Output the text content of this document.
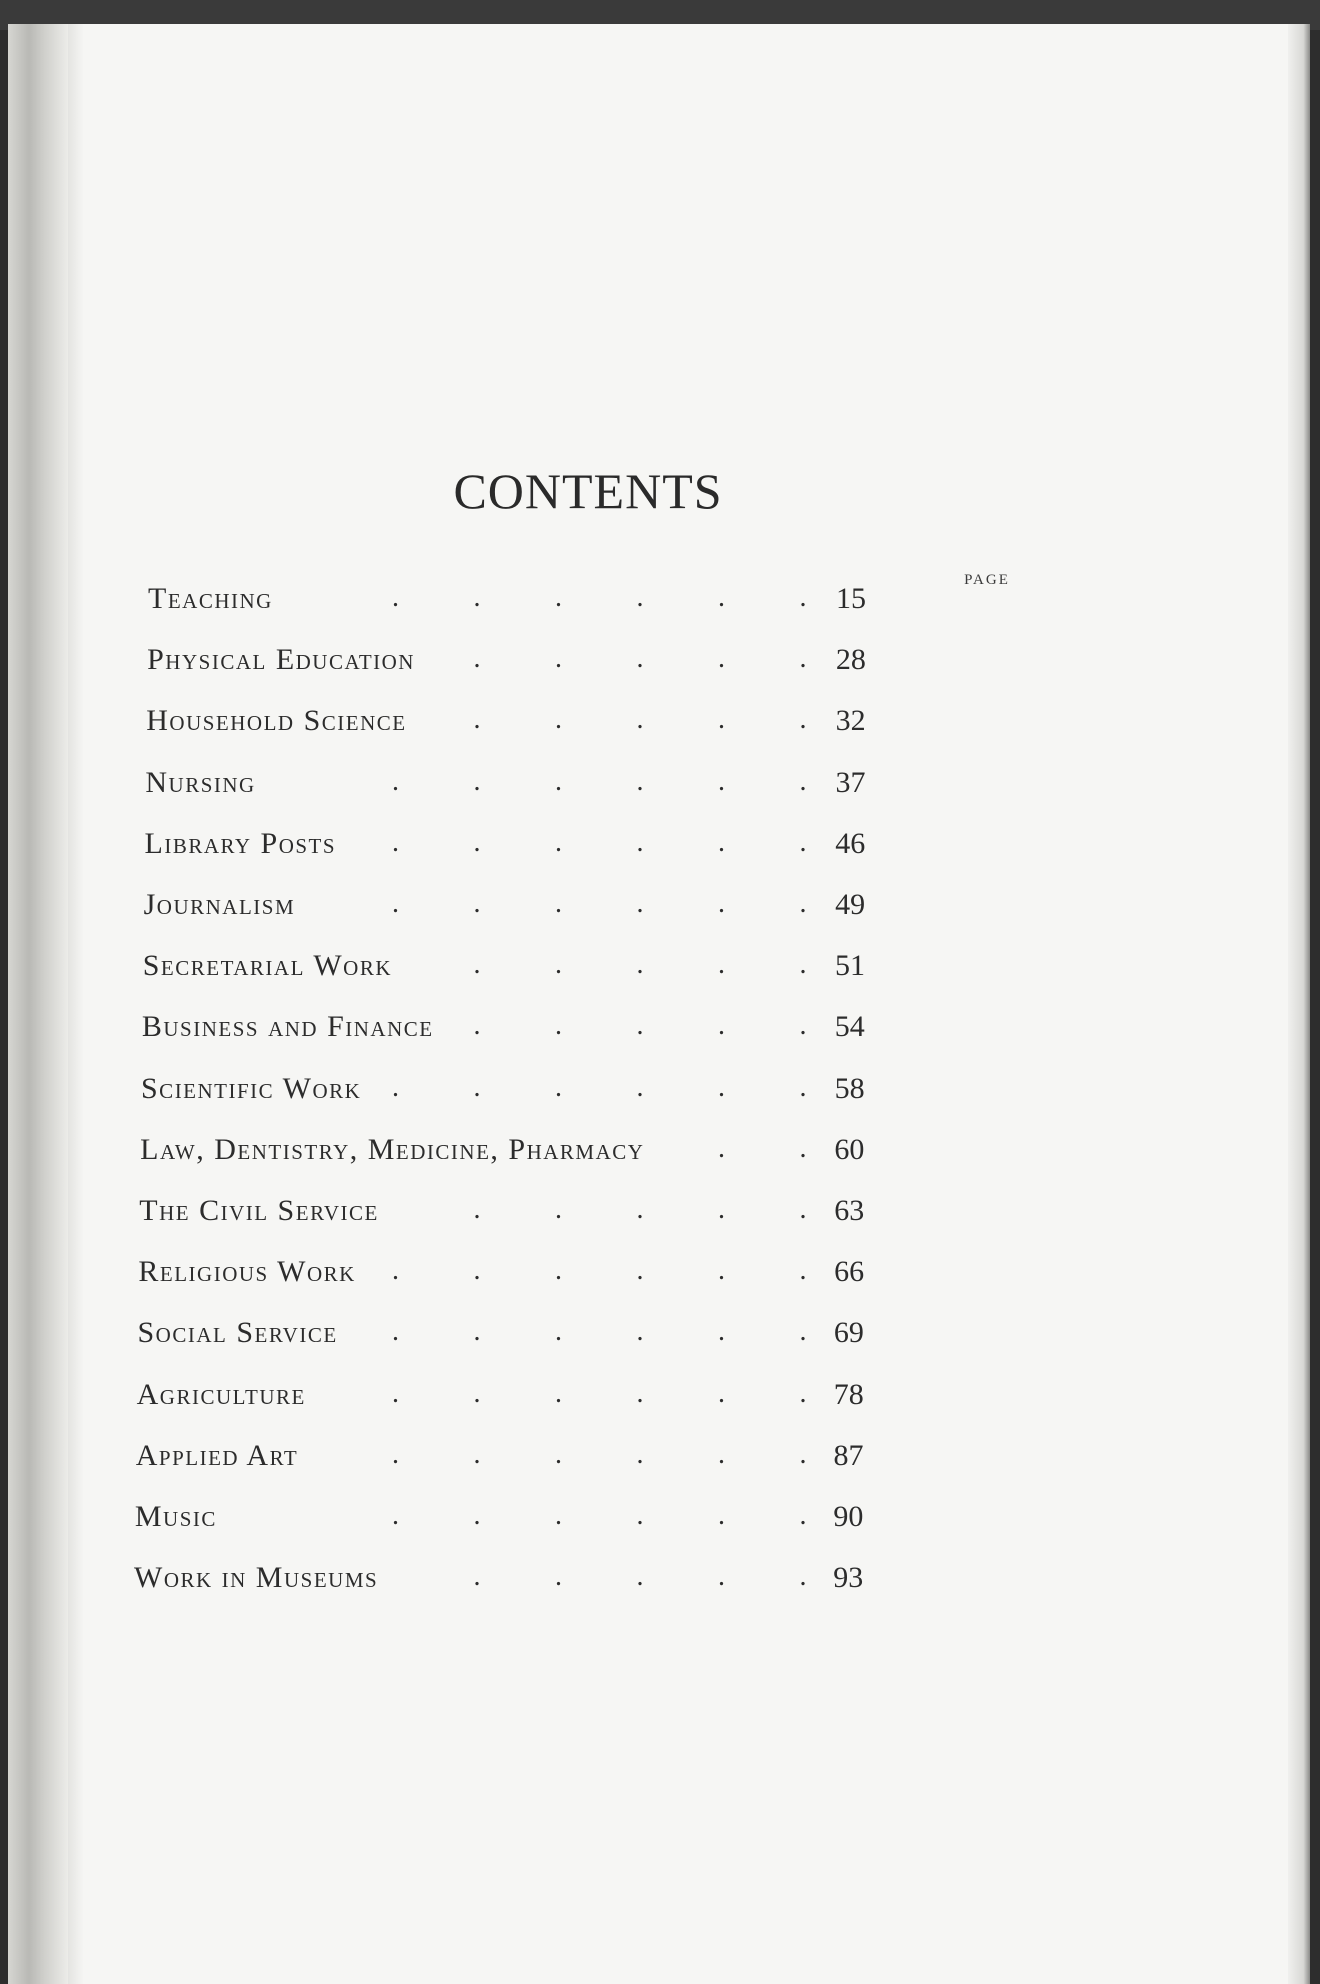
CONTENTS
PAGE
Teaching	.	.	.	.	.	. 15
Physical Education .	.	.	.	. 28
Household Science .	.	.	.	. 32
Nursing	.	.	.	.	.	. 37
Library Posts .	.	.	.	.	. 46
Journalism	.	.	.	.	.	. 49
Secretarial Work	.	.	.	.	. 51
Business and Finance .	.	.	.	. 54
Scientific Work .	.	.	.	.	. 58
Law, Dentistry, Medicine, Pharmacy	.	. 60
The Civil Service	.	.	.	.	. 63
Religious Work .	.	.	.	.	. 66
Social Service .	.	.	.	.	. 69
Agriculture	.	.	.	.	.	. 78
Applied Art	.	.	.	.	.	. 87
Music	.	.	.	.	.	. 90
Work in Museums	.	.	.	.	. 93
